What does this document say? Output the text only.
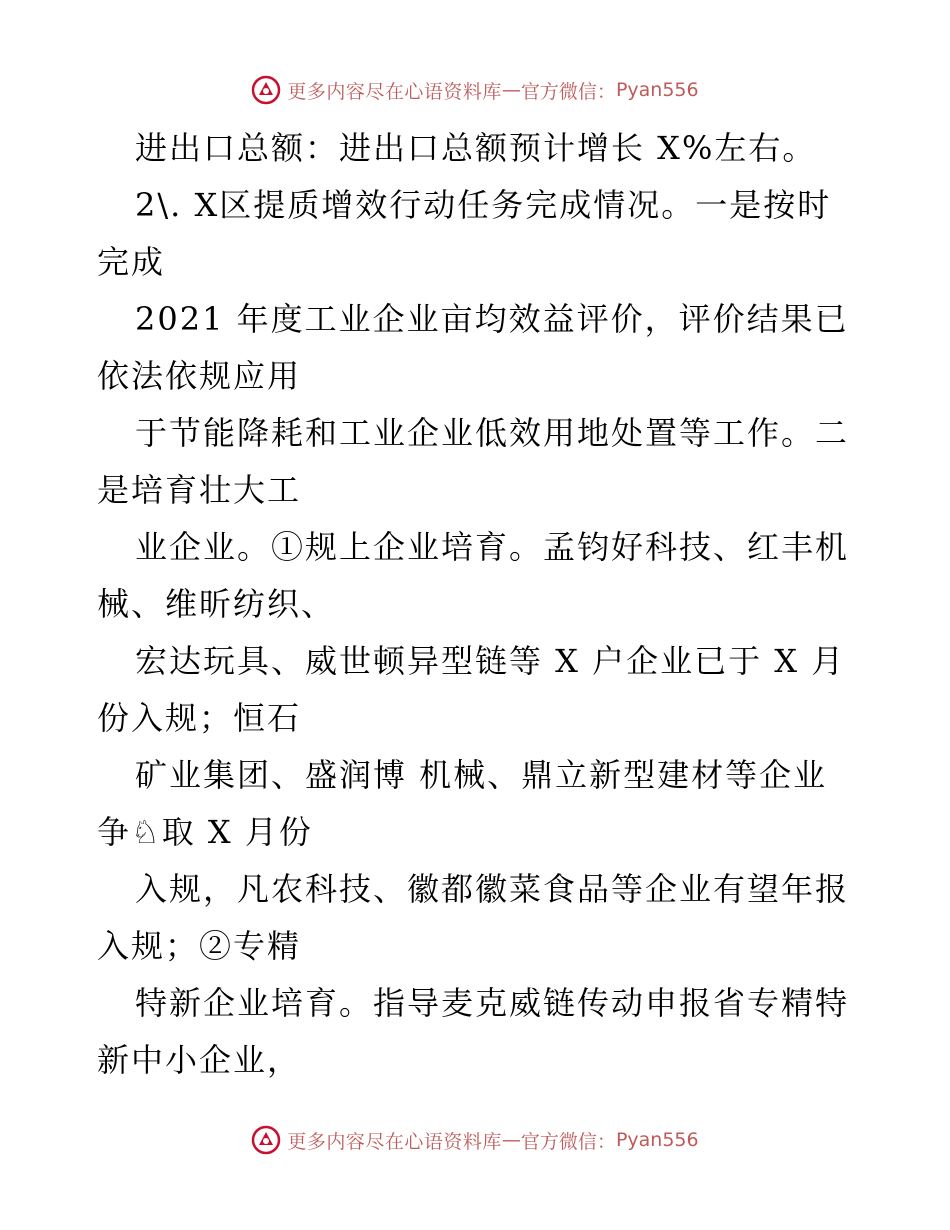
更多内容尽在心语资料库 — 官方微信： Pyan556
进出口总额：进出口总额预计增长 X%左右。
2\. X区提质增效行动任务完成情况。一是按时
完成
2021 年度工业企业亩均效益评价，评价结果已
依法依规应用
于节能降耗和工业企业低效用地处置等工作。二
是培育壮大工
业企业。①规上企业培育。孟钧好科技、红丰机
械、维昕纺织、
宏达玩具、威世顿异型链等 X 户企业已于 X 月
份入规；恒石
矿业集团、盛润博 机械、鼎立新型建材等企业
争♘取 X 月份
入规，凡农科技、徽都徽菜食品等企业有望年报
入规；②专精
特新企业培育。指导麦克威链传动申报省专精特
新中小企业，
更多内容尽在心语资料库 — 官方微信： Pyan556
